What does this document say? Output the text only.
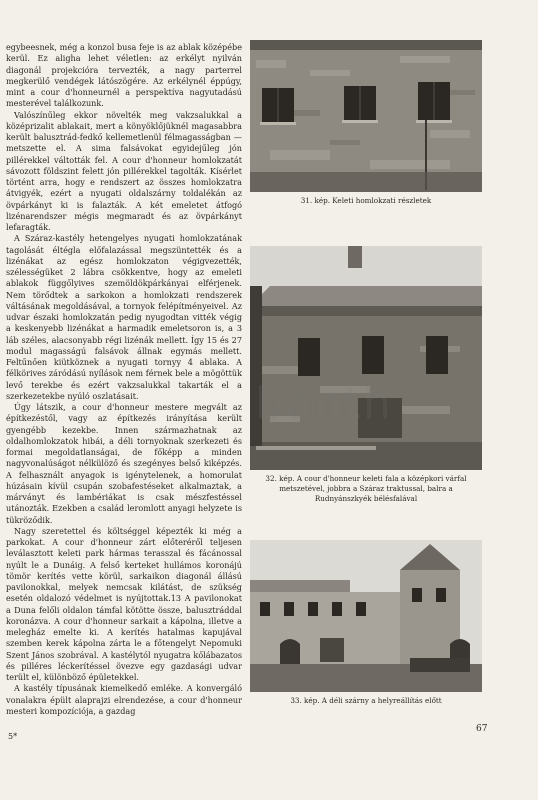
egybeesnek, még a konzol busa feje is az ablak középébe kerül. Ez aligha lehet véletlen: az erkélyt nyilván diagonál projekcióra tervezték, a nagy parterrel megkerülő vendégek látószögére. Az erkélynél éppúgy, mint a cour d'honneurnél a perspektíva nagyutadású mesterével találkozunk.

Valószínűleg ekkor növelték meg vakzsalukkal a középrizalit ablakait, mert a könyöklőjüknél magasabbra került balusztrád-fedkő kellemetlenül félmagasságban — metszette el. A sima falsávokat egyidejűleg jón pillérekkel váltották fel. A cour d'honneur homlokzatát sávozott földszint felett jón pillérekkel tagolták. Kísérlet történt arra, hogy e rendszert az összes homlokzatra átvigyék, ezért a nyugati oldalszárny toldalékán az övpárkányt ki is falazták. A két emeletet átfogó lizénarendszer mégis megmaradt és az övpárkányt lefaragták.

A Száraz-kastély hetengelyes nyugati homlokzatának tagolását éltégla előfalazással megszüntették és a lizénákat az egész homlokzaton végigvezették, szélességüket 2 lábra csökkentve, hogy az emeleti ablakok függőlyives szemöldökpárkányai elférjenek. Nem törődtek a sarkokon a homlokzati rendszerek váltásának megoldásával, a tornyok felépítményeivel. Az udvar északi homlokzatán pedig nyugodtan vitték végig a keskenyebb lizénákat a harmadik emeletsoron is, a 3 láb széles, alacsonyabb régi lizénák mellett. Így 15 és 27 modul magasságú falsávok állnak egymás mellett. Feltűnően kiütköznek a nyugati tornyy 4 ablaka. A félkörives záródású nyílások nem férnek bele a mögöttük levő terekbe és ezért vakzsalukkal takarták el a szerkezetekbe nyúló oszlatásait.

Úgy látszik, a cour d'honneur mestere megvált az építkezéstől, vagy az építkezés irányítása került gyengébb kezekbe. Innen származhatnak az oldalhomlokzatok hibái, a déli tornyoknak szerkezeti és formai megoldatlanságai, de főképp a minden nagyvonalúságot nélkülöző és szegényes belső kiképzés. A felhasznált anyagok is igénytelenek, a homorulat húzásain kívül csupán szobafestéseket alkalmaztak, a márványt és lambériákat is csak mészfestéssel utánozták. Ezekben a család leromlott anyagi helyzete is tükröződik.

Nagy szeretettel és költséggel képezték ki még a parkokat. A cour d'honneur zárt előteréről teljesen leválasztott keleti park hármas terasszal és fácánossal nyúlt le a Dunáig. A felső kerteket hullámos koronájú tömör kerítés vette körül, sarkaikon diagonál állású pavilonokkal, melyek nemcsak kilátást, de szükség esetén oldalozó védelmet is nyújtottak.13 A pavilonokat a Duna felőli oldalon támfal kötötte össze, balusztráddal koronázva. A cour d'honneur sarkait a kápolna, illetve a melegház emelte ki. A kerítés hatalmas kapujával szemben kerek kápolna zárta le a főtengelyt Nepomuki Szent János szobrával. A kastélytól nyugatra kőlábazatos és pilléres léckerítéssel övezve egy gazdasági udvar terült el, különböző épületekkel.

A kastély típusának kiemelkedő emléke. A konvergáló vonalakra épült alaprajzi elrendezése, a cour d'honneur mesteri kompozíciója, a gazdag

31. kép. Keleti homlokzati részletek
32. kép. A cour d'honneur keleti fala a középkori várfal metszetével, jobbra a Száraz traktussal, balra a Rudnyánszkyék bélésfalával
33. kép. A déli szárny a helyreállítás előtt
banth
5*
67
